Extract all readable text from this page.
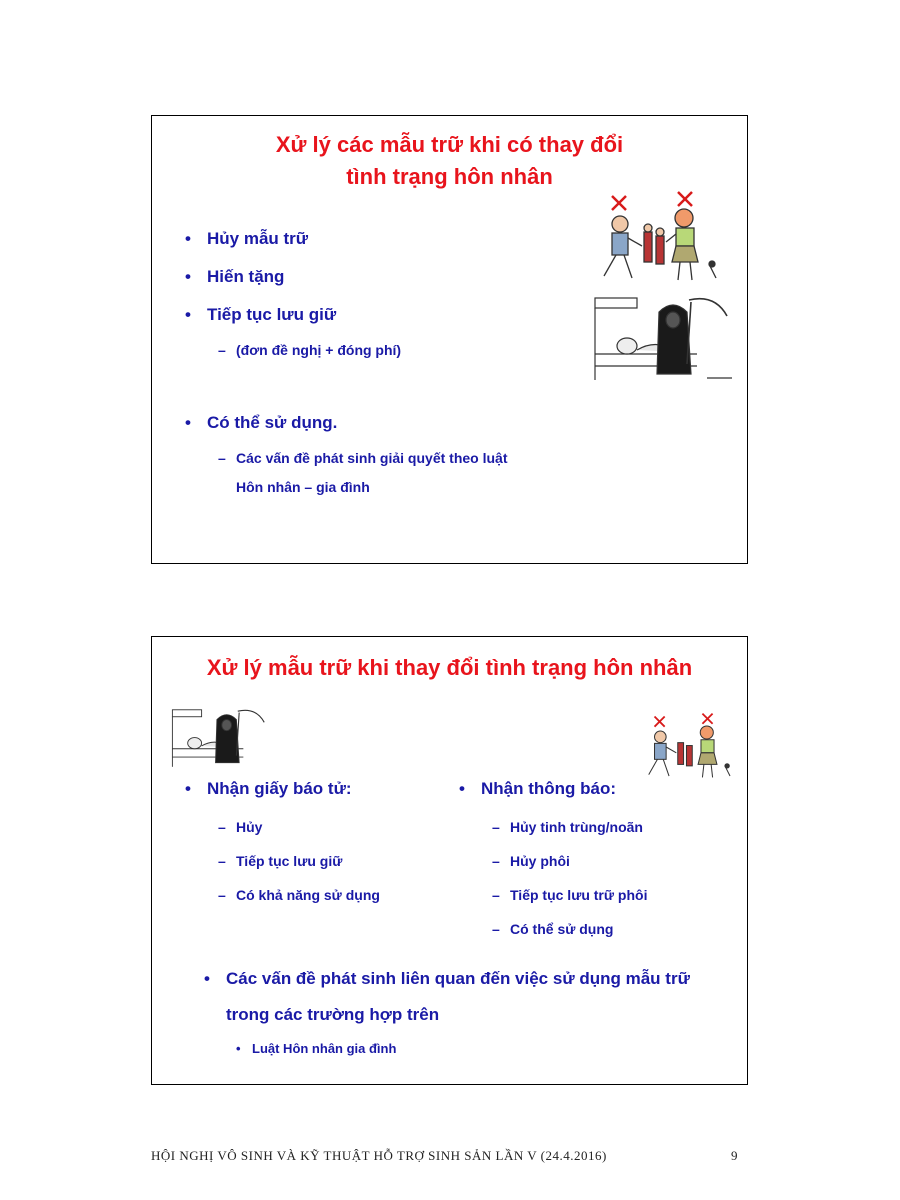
Xử lý các mẫu trữ khi có thay đổi
tình trạng hôn nhân
• Hủy mẫu trữ
• Hiến tặng
• Tiếp tục lưu giữ
– (đơn đề nghị + đóng phí)
• Có thể sử dụng.
– Các vấn đề phát sinh giải quyết theo luật
Hôn nhân – gia đình
Xử lý mẫu trữ khi thay đổi tình trạng hôn nhân
• Nhận giấy báo tử:
– Hủy
– Tiếp tục lưu giữ
– Có khả năng sử dụng
• Nhận thông báo:
– Hủy tinh trùng/noãn
– Hủy phôi
– Tiếp tục lưu trữ phôi
– Có thể sử dụng
• Các vấn đề phát sinh liên quan đến việc sử dụng mẫu trữ
trong các trường hợp trên
• Luật Hôn nhân gia đình
HỘI NGHỊ VÔ SINH VÀ KỸ THUẬT HỖ TRỢ SINH SẢN LẦN V (24.4.2016)	9
